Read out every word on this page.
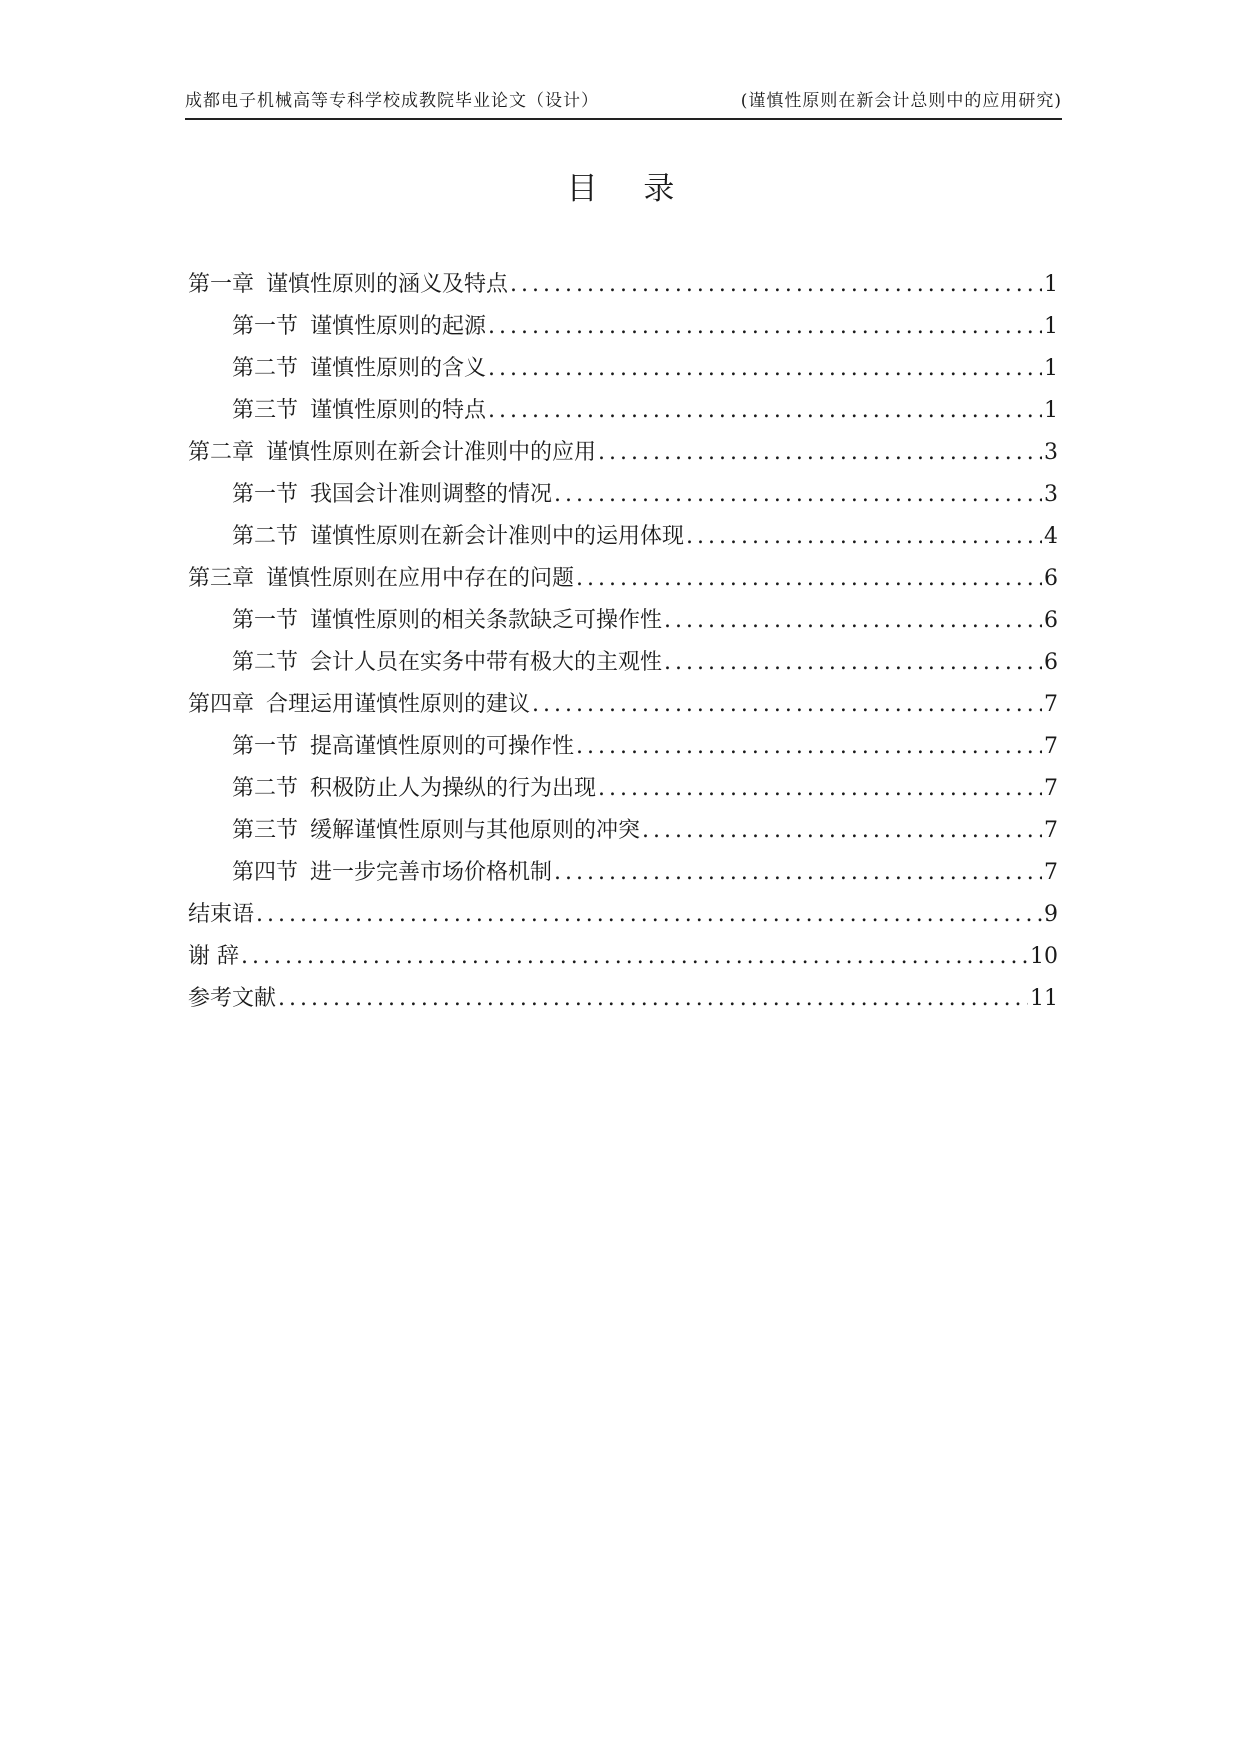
成都电子机械高等专科学校成教院毕业论文（设计）	(谨慎性原则在新会计总则中的应用研究)
目 录
第一章 谨慎性原则的涵义及特点 .....	1
第一节 谨慎性原则的起源 .....	1
第二节 谨慎性原则的含义 .....	1
第三节 谨慎性原则的特点 .....	1
第二章 谨慎性原则在新会计准则中的应用 .....	3
第一节 我国会计准则调整的情况 .....	3
第二节 谨慎性原则在新会计准则中的运用体现 .....	4
第三章 谨慎性原则在应用中存在的问题 .....	6
第一节 谨慎性原则的相关条款缺乏可操作性 .....	6
第二节 会计人员在实务中带有极大的主观性 .....	6
第四章 合理运用谨慎性原则的建议 .....	7
第一节 提高谨慎性原则的可操作性 .....	7
第二节 积极防止人为操纵的行为出现 .....	7
第三节 缓解谨慎性原则与其他原则的冲突 .....	7
第四节 进一步完善市场价格机制 .....	7
结束语 .....	9
谢 辞 .....	10
参考文献 .....	11
